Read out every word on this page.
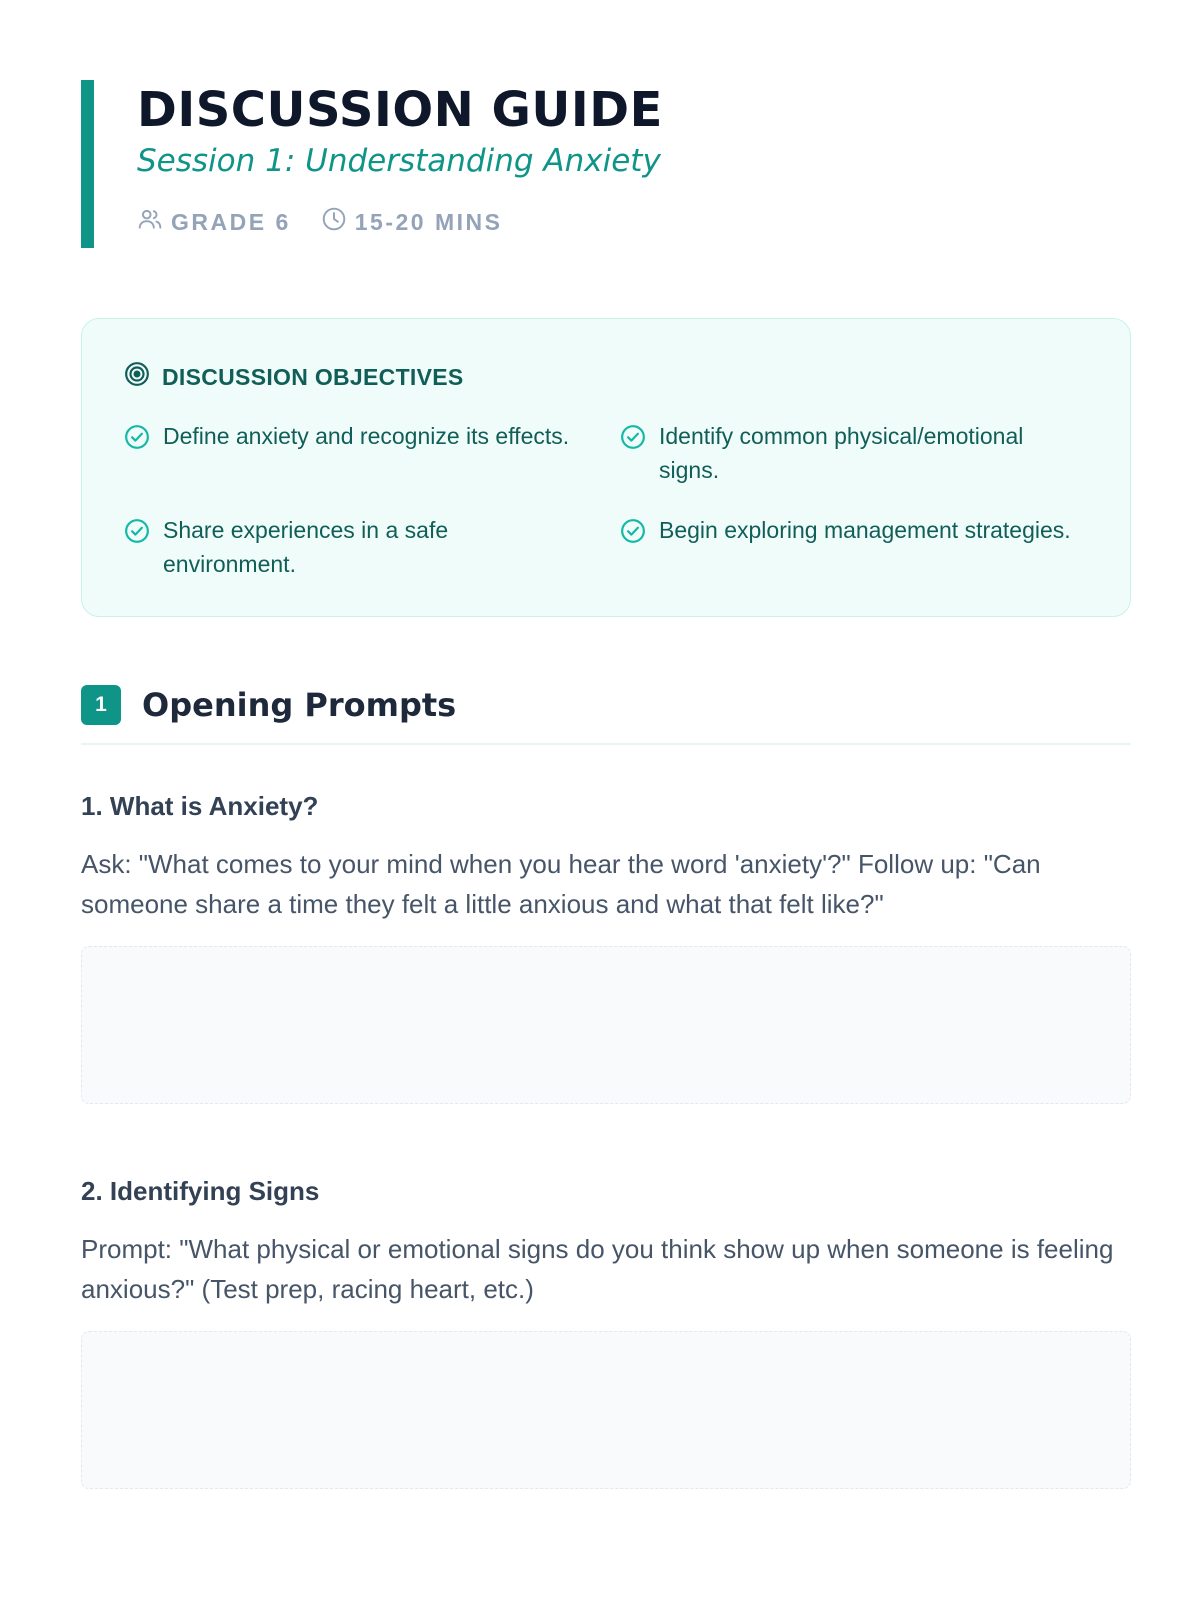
DISCUSSION GUIDE
Session 1: Understanding Anxiety
GRADE 6	15-20 MINS
DISCUSSION OBJECTIVES
Define anxiety and recognize its effects.	Identify common physical/emotional signs.
Share experiences in a safe environment.
Begin exploring management strategies.
1	Opening Prompts
1. What is Anxiety?
Ask: "What comes to your mind when you hear the word 'anxiety'?" Follow up: "Can someone share a time they felt a little anxious and what that felt like?"
2. Identifying Signs
Prompt: "What physical or emotional signs do you think show up when someone is feeling anxious?" (Test prep, racing heart, etc.)
